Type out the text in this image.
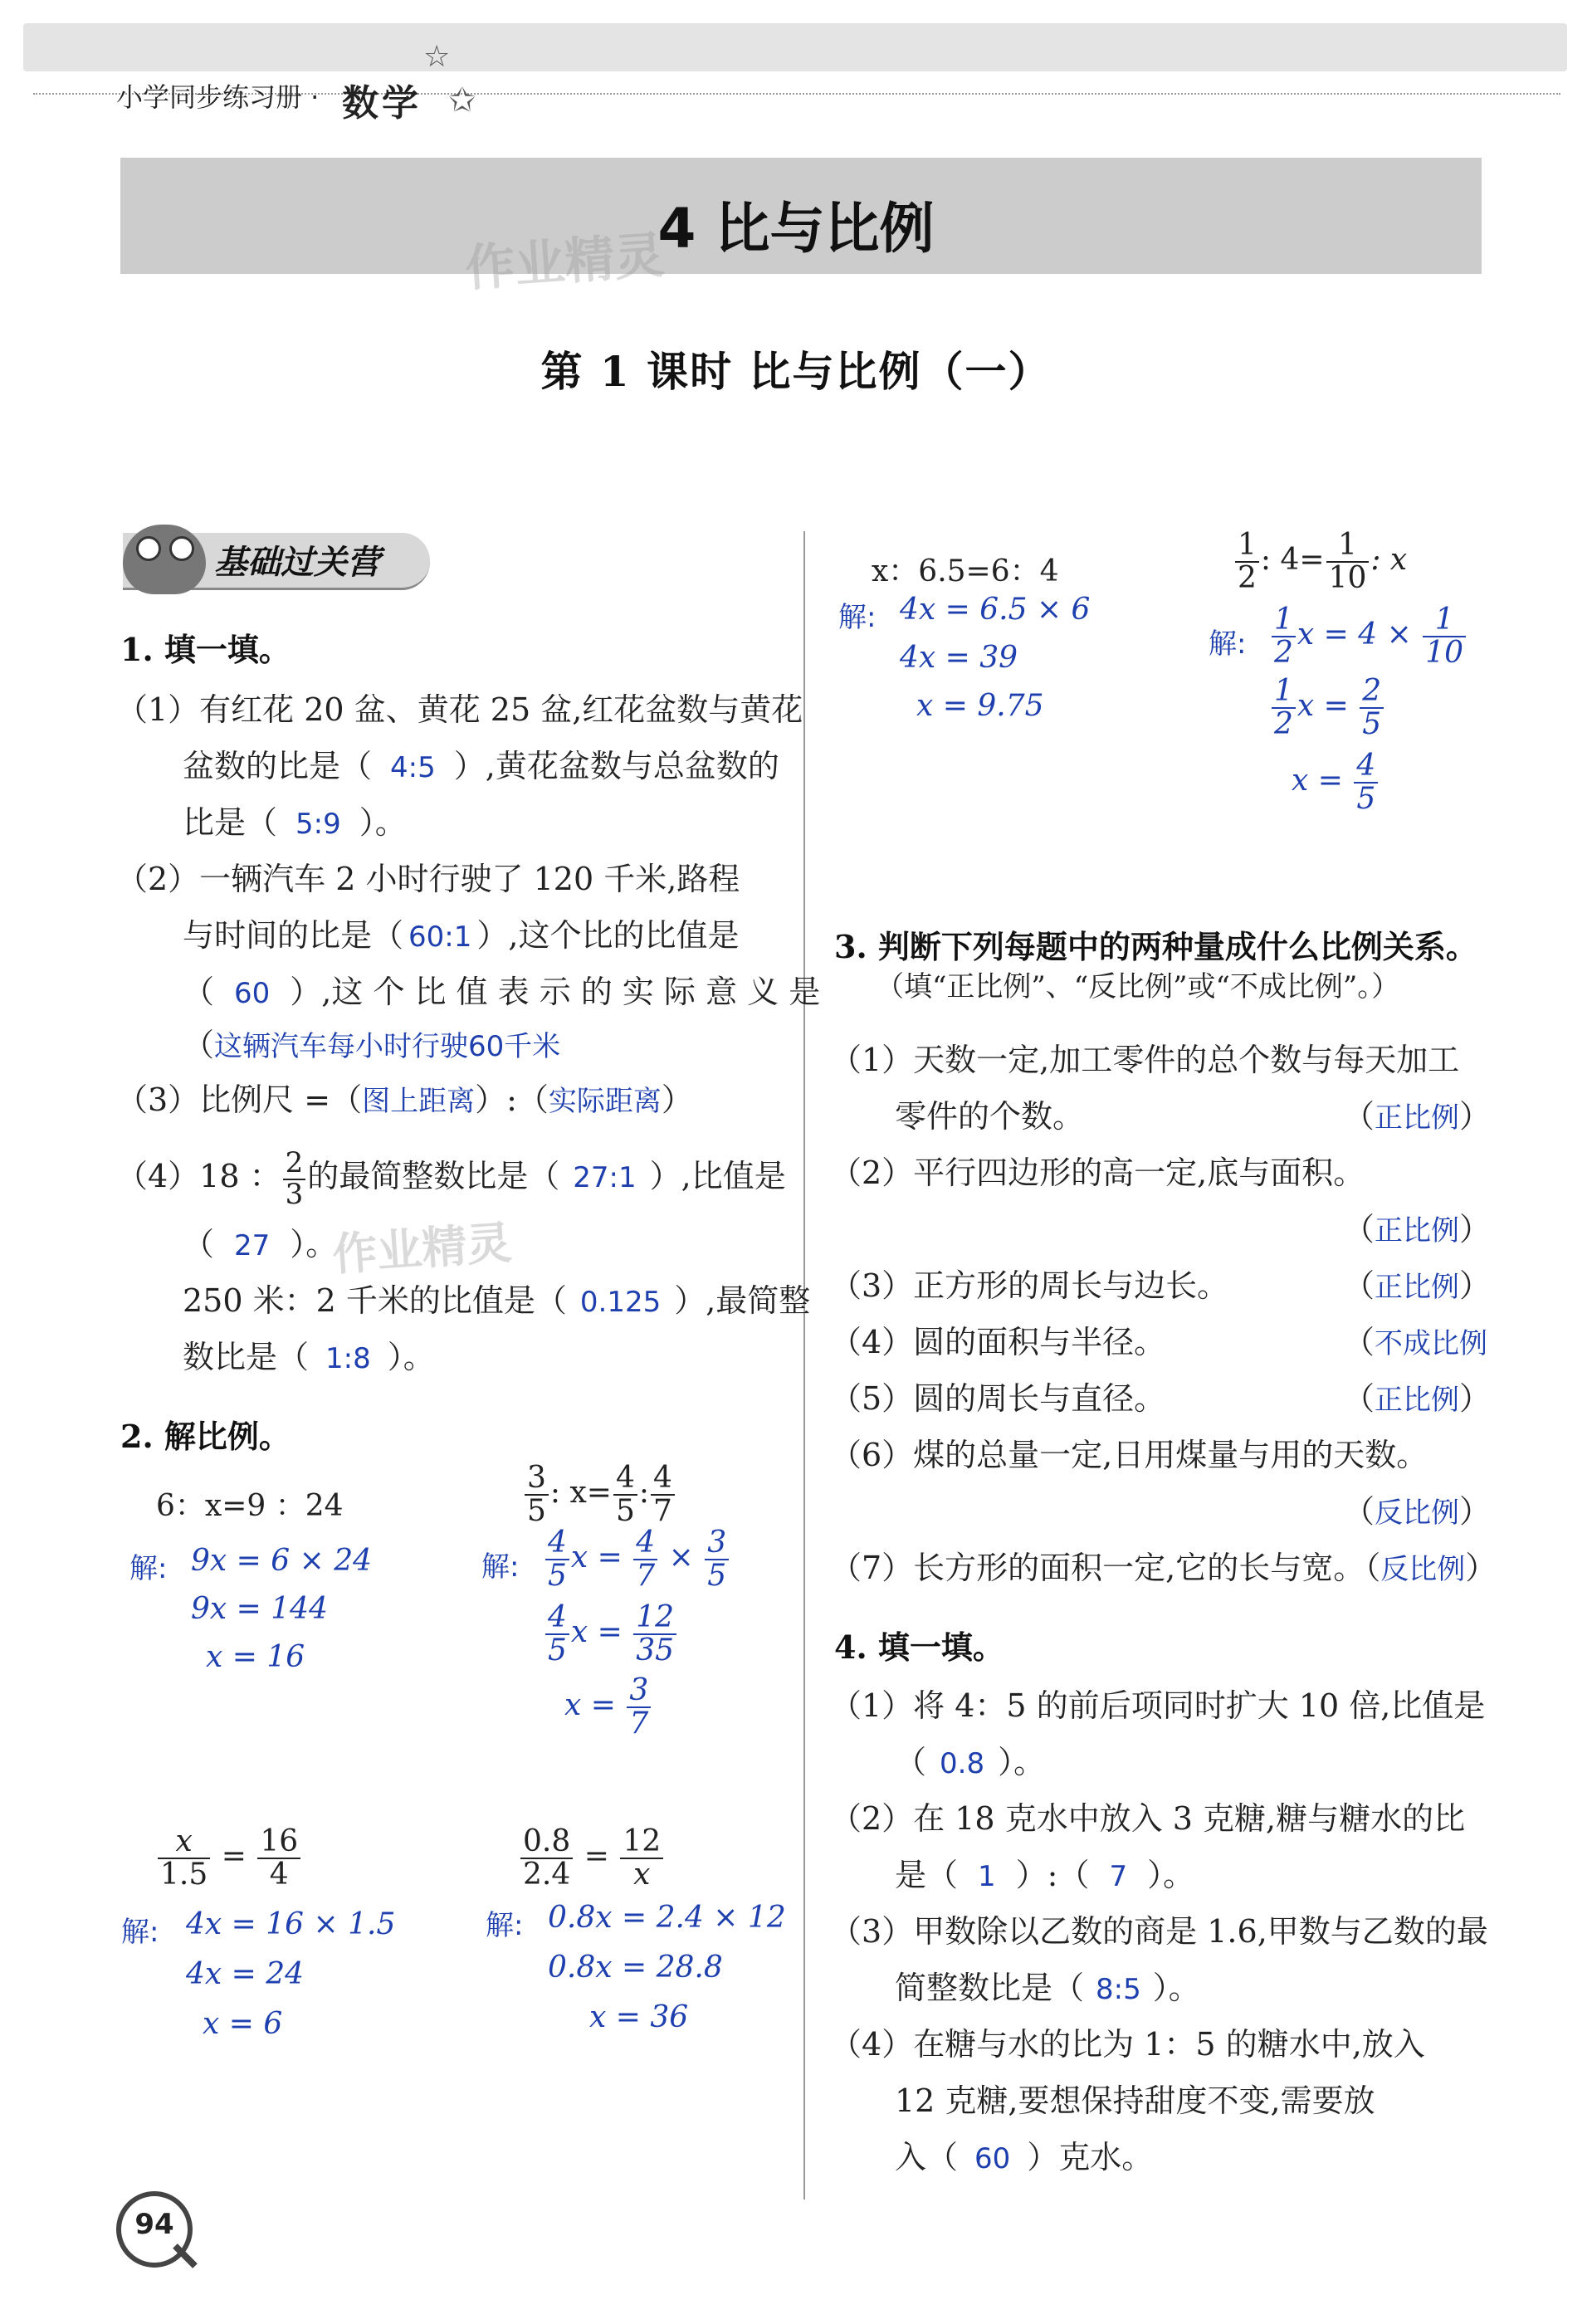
小学同步练习册 · 数学
☆
✩
4 比与比例
作业精灵
第 1 课时 比与比例（一）
基础过关营
1. 填一填。
（1）有红花 20 盆、黄花 25 盆,红花盆数与黄花
盆数的比是（ 4:5 ）,黄花盆数与总盆数的
比是（ 5:9 ）。
（2）一辆汽车 2 小时行驶了 120 千米,路程
与时间的比是（ 60:1 ）,这个比的比值是
（ 60 ）,这 个 比 值 表 示 的 实 际 意 义 是
（这辆汽车每小时行驶60千米
（3）比例尺 =（图上距离）:（实际距离）
（4）18 ： $\frac{2}{3}$ 的最简整数比是（ 27:1 ）,比值是
（ 27 ）。
作业精灵
250 米：2 千米的比值是（ 0.125 ）,最简整
数比是（ 1:8 ）。
2. 解比例。
6：x=9 ：24
解: 9x = 6 × 24
9x = 144
x = 16
$\frac{3}{5}$ : $x= \frac{4}{5}$ : $\frac{4}{7}$
解: $\frac{4}{5}$ $x = \frac{4}{7} \times \frac{3}{5}$
$\frac{4}{5}$ $x = \frac{12}{35}$
$x = \frac{3}{7}$
$\frac{x}{1.5} = \frac{16}{4}$
解: 4x = 16 × 1.5
4x = 24
x = 6
$\frac{0.8}{2.4} = \frac{12}{x}$
解: 0.8x = 2.4 × 12
0.8x = 28.8
x = 36
x：6.5=6：4
解: 4x = 6.5 × 6
4x = 39
x = 9.75
$\frac{1}{2}$ : $4= \frac{1}{10}$ : x
解: $\frac{1}{2}$ $x = 4 \times \frac{1}{10}$
$\frac{1}{2}$ $x = \frac{2}{5}$
$x = \frac{4}{5}$
3. 判断下列每题中的两种量成什么比例关系。
（填“正比例”、“反比例”或“不成比例”。）
（1）天数一定,加工零件的总个数与每天加工
零件的个数。	（正比例）
（2）平行四边形的高一定,底与面积。
（正比例）
（3）正方形的周长与边长。	（正比例）
（4）圆的面积与半径。	（不成比例
（5）圆的周长与直径。	（正比例）
（6）煤的总量一定,日用煤量与用的天数。
（反比例）
（7）长方形的面积一定,它的长与宽。（反比例）
4. 填一填。
（1）将 4：5 的前后项同时扩大 10 倍,比值是
（ 0.8 ）。
（2）在 18 克水中放入 3 克糖,糖与糖水的比
是（ 1 ）:（ 7 ）。
（3）甲数除以乙数的商是 1.6,甲数与乙数的最
简整数比是（ 8:5 ）。
（4）在糖与水的比为 1：5 的糖水中,放入
12 克糖,要想保持甜度不变,需要放
入（ 60 ）克水。
94
